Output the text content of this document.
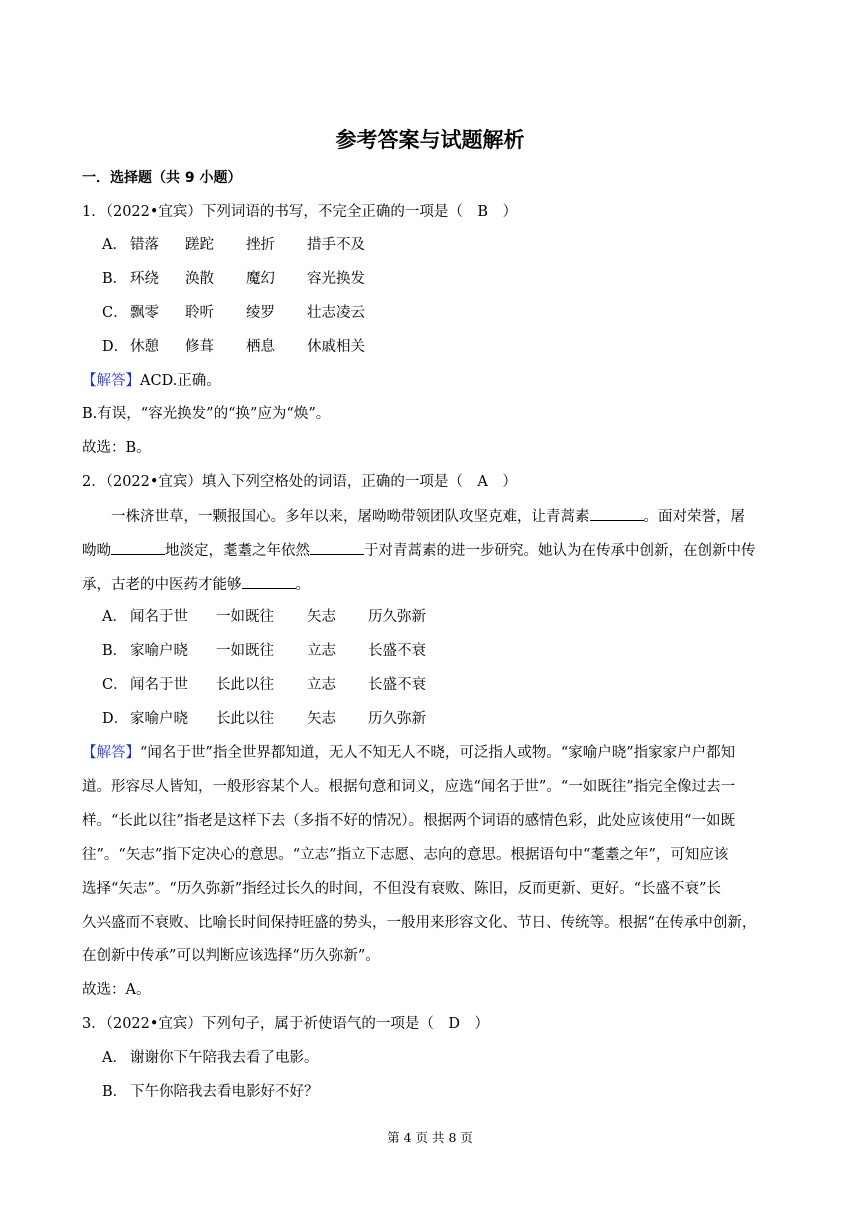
参考答案与试题解析
一．选择题（共 9 小题）
1．（2022•宜宾）下列词语的书写，不完全正确的一项是（　B　）
A． 错落 蹉跎 挫折 措手不及
B． 环绕 涣散 魔幻 容光换发
C． 飘零 聆听 绫罗 壮志凌云
D． 休憩 修葺 栖息 休戚相关
【解答】ACD.正确。
B.有误，“容光换发”的“换”应为“焕”。
故选：B。
2．（2022•宜宾）填入下列空格处的词语，正确的一项是（　A　）
一株济世草，一颗报国心。多年以来，屠呦呦带领团队攻坚克难，让青蒿素	。面对荣誉，屠
呦呦	地淡定，耄耋之年依然	于对青蒿素的进一步研究。她认为在传承中创新，在创新中传
承，古老的中医药才能够	。
A． 闻名于世 一如既往 矢志 历久弥新
B． 家喻户晓 一如既往 立志 长盛不衰
C． 闻名于世 长此以往 立志 长盛不衰
D． 家喻户晓 长此以往 矢志 历久弥新
【解答】“闻名于世”指全世界都知道，无人不知无人不晓，可泛指人或物。“家喻户晓”指家家户户都知
道。形容尽人皆知，一般形容某个人。根据句意和词义，应选“闻名于世”。“一如既往”指完全像过去一
样。“长此以往”指老是这样下去（多指不好的情况）。根据两个词语的感情色彩，此处应该使用“一如既
往”。“矢志”指下定决心的意思。“立志”指立下志愿、志向的意思。根据语句中“耄耋之年”，可知应该
选择“矢志”。“历久弥新”指经过长久的时间，不但没有衰败、陈旧，反而更新、更好。“长盛不衰”长
久兴盛而不衰败、比喻长时间保持旺盛的势头，一般用来形容文化、节日、传统等。根据“在传承中创新，
在创新中传承”可以判断应该选择“历久弥新”。
故选：A。
3．（2022•宜宾）下列句子，属于祈使语气的一项是（　D　）
A． 谢谢你下午陪我去看了电影。
B． 下午你陪我去看电影好不好？
第 4 页 共 8 页
